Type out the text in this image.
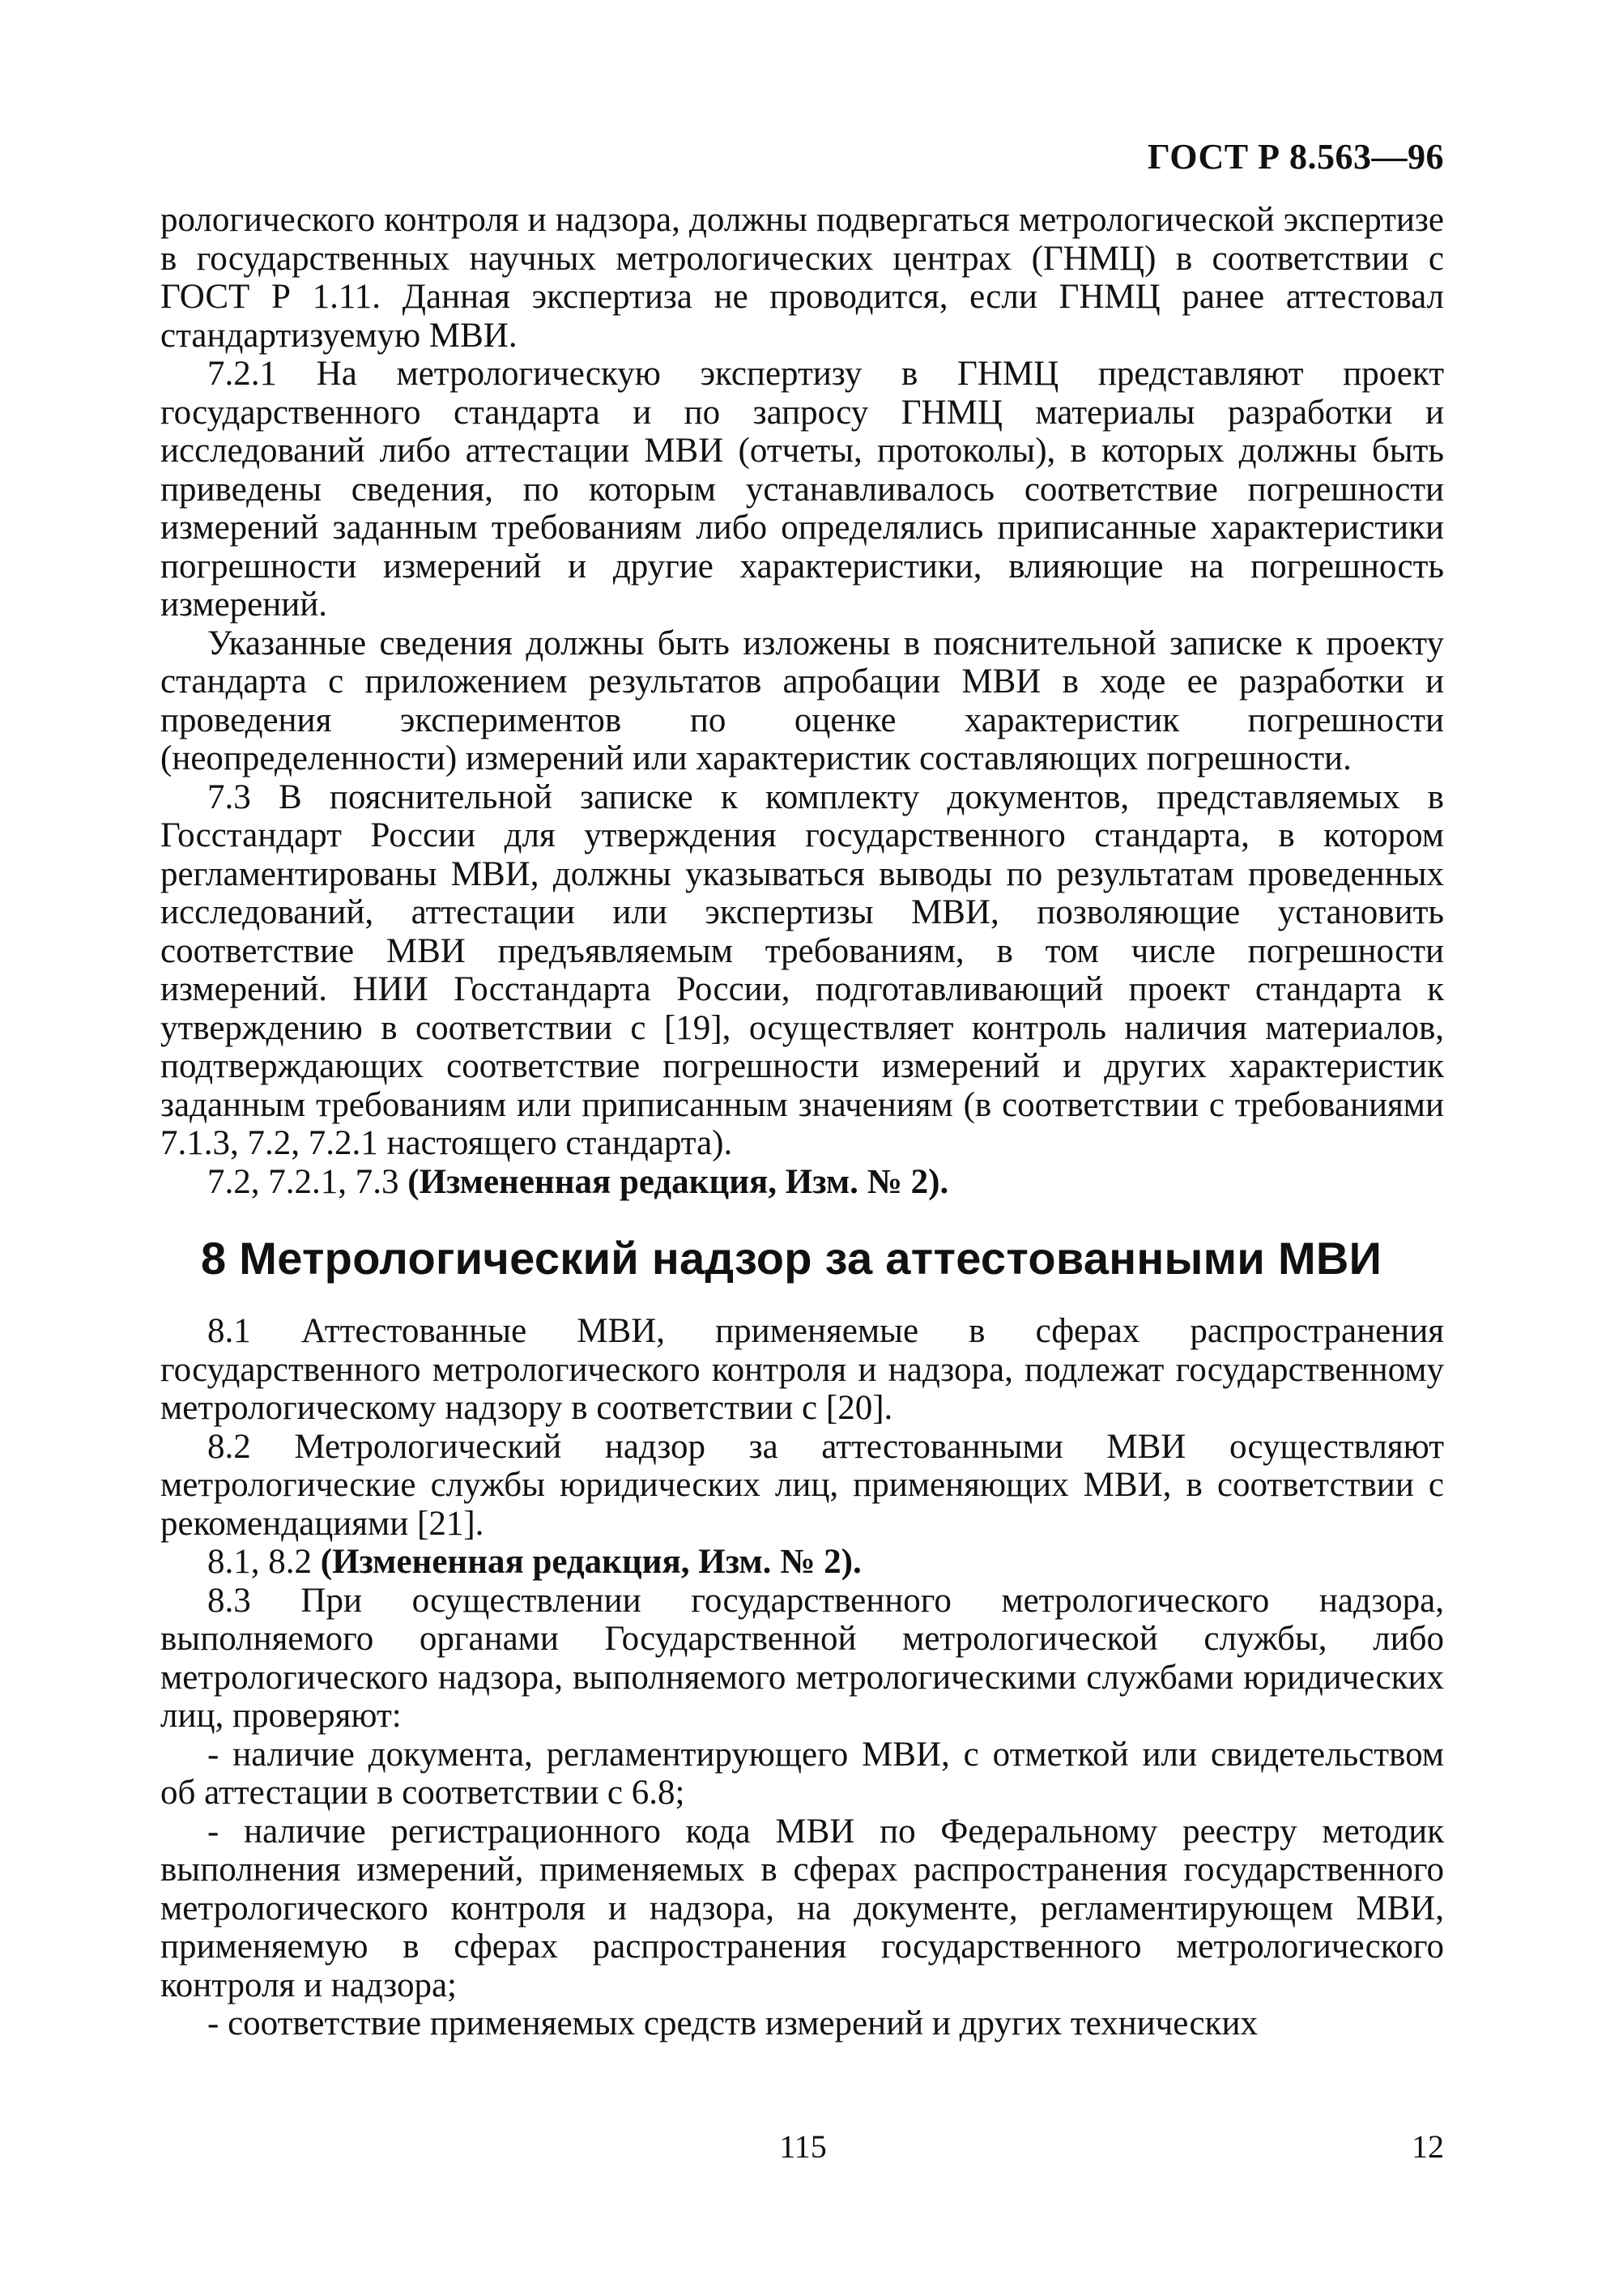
ГОСТ Р 8.563—96

рологического контроля и надзора, должны подвергаться метрологической экспертизе в государственных научных метрологических центрах (ГНМЦ) в соответствии с ГОСТ Р 1.11. Данная экспертиза не проводится, если ГНМЦ ранее аттестовал стандартизуемую МВИ.

7.2.1 На метрологическую экспертизу в ГНМЦ представляют проект государственного стандарта и по запросу ГНМЦ материалы разработки и исследований либо аттестации МВИ (отчеты, протоколы), в которых должны быть приведены сведения, по которым устанавливалось соответствие погрешности измерений заданным требованиям либо определялись приписанные характеристики погрешности измерений и другие характеристики, влияющие на погрешность измерений.

Указанные сведения должны быть изложены в пояснительной записке к проекту стандарта с приложением результатов апробации МВИ в ходе ее разработки и проведения экспериментов по оценке характеристик погрешности (неопределенности) измерений или характеристик составляющих погрешности.

7.3 В пояснительной записке к комплекту документов, представляемых в Госстандарт России для утверждения государственного стандарта, в котором регламентированы МВИ, должны указываться выводы по результатам проведенных исследований, аттестации или экспертизы МВИ, позволяющие установить соответствие МВИ предъявляемым требованиям, в том числе погрешности измерений. НИИ Госстандарта России, подготавливающий проект стандарта к утверждению в соответствии с [19], осуществляет контроль наличия материалов, подтверждающих соответствие погрешности измерений и других характеристик заданным требованиям или приписанным значениям (в соответствии с требованиями 7.1.3, 7.2, 7.2.1 настоящего стандарта).

7.2, 7.2.1, 7.3 (Измененная редакция, Изм. № 2).

8 Метрологический надзор за аттестованными МВИ

8.1 Аттестованные МВИ, применяемые в сферах распространения государственного метрологического контроля и надзора, подлежат государственному метрологическому надзору в соответствии с [20].

8.2 Метрологический надзор за аттестованными МВИ осуществляют метрологические службы юридических лиц, применяющих МВИ, в соответствии с рекомендациями [21].

8.1, 8.2 (Измененная редакция, Изм. № 2).

8.3 При осуществлении государственного метрологического надзора, выполняемого органами Государственной метрологической службы, либо метрологического надзора, выполняемого метрологическими службами юридических лиц, проверяют:

- наличие документа, регламентирующего МВИ, с отметкой или свидетельством об аттестации в соответствии с 6.8;

- наличие регистрационного кода МВИ по Федеральному реестру методик выполнения измерений, применяемых в сферах распространения государственного метрологического контроля и надзора, на документе, регламентирующем МВИ, применяемую в сферах распространения государственного метрологического контроля и надзора;

- соответствие применяемых средств измерений и других технических

115	12
